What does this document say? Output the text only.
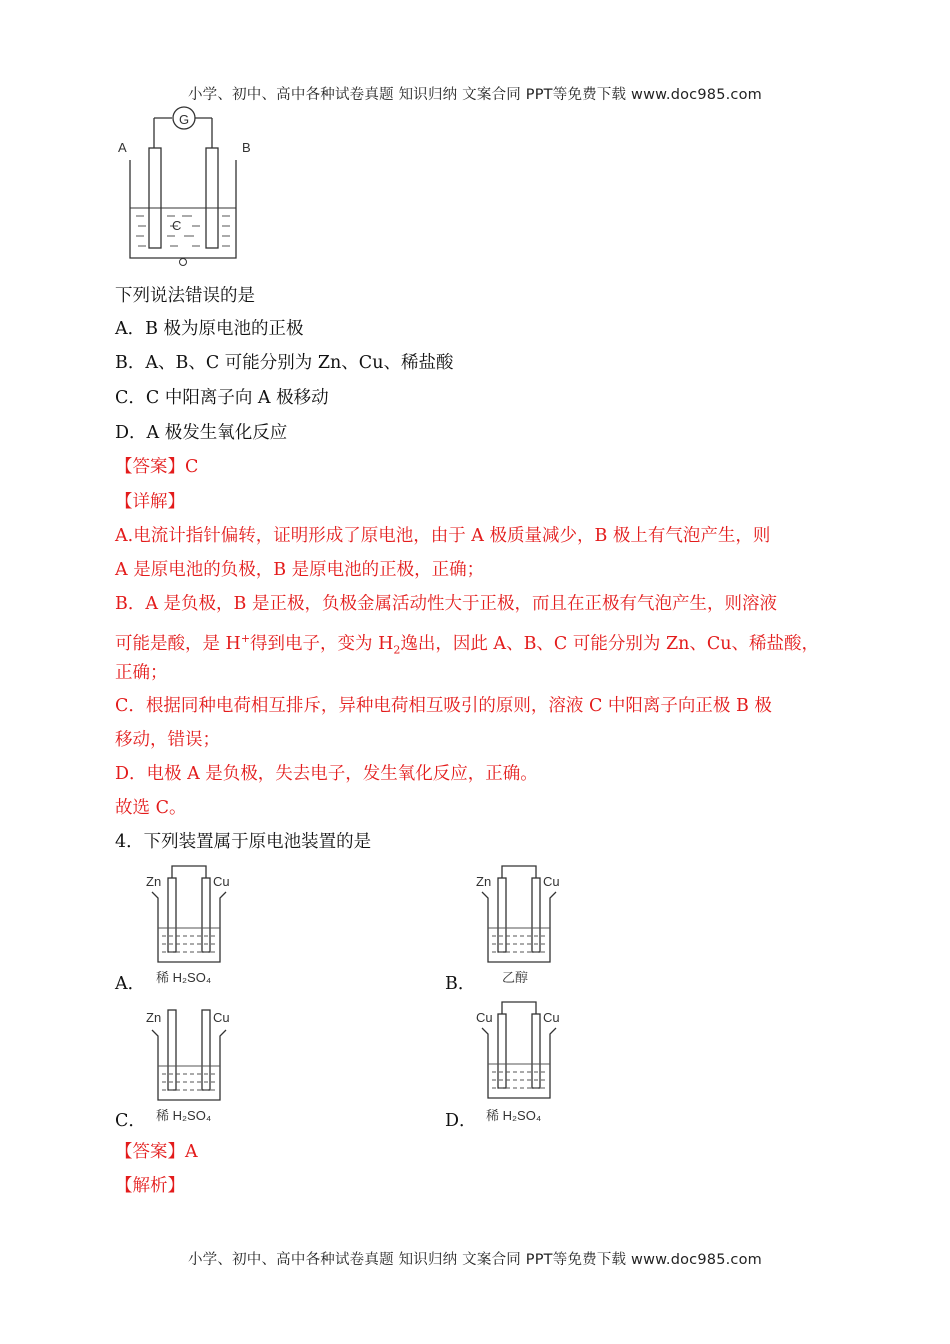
小学、初中、高中各种试卷真题 知识归纳 文案合同 PPT等免费下载 www.doc985.com
G
A	B
C
下列说法错误的是
A．B 极为原电池的正极
B．A、B、C 可能分别为 Zn、Cu、稀盐酸
C．C 中阳离子向 A 极移动
D．A 极发生氧化反应
【答案】C
【详解】
A.电流计指针偏转，证明形成了原电池，由于 A 极质量减少，B 极上有气泡产生，则
A 是原电池的负极，B 是原电池的正极，正确；
B．A 是负极，B 是正极，负极金属活动性大于正极，而且在正极有气泡产生，则溶液
可能是酸，是 H+得到电子，变为 $H_2$逸出，因此 A、B、C 可能分别为 Zn、Cu、稀盐酸，
正确；
C．根据同种电荷相互排斥，异种电荷相互吸引的原则，溶液 C 中阳离子向正极 B 极
移动，错误；
D．电极 A 是负极，失去电子，发生氧化反应，正确。
故选 C。
4．下列装置属于原电池装置的是
Zn	Cu
稀 H₂SO₄
A．
Zn	Cu
乙醇
B．
Zn	Cu
稀 H₂SO₄
C．
Cu	Cu
稀 H₂SO₄
D．
【答案】A
【解析】
小学、初中、高中各种试卷真题 知识归纳 文案合同 PPT等免费下载 www.doc985.com
